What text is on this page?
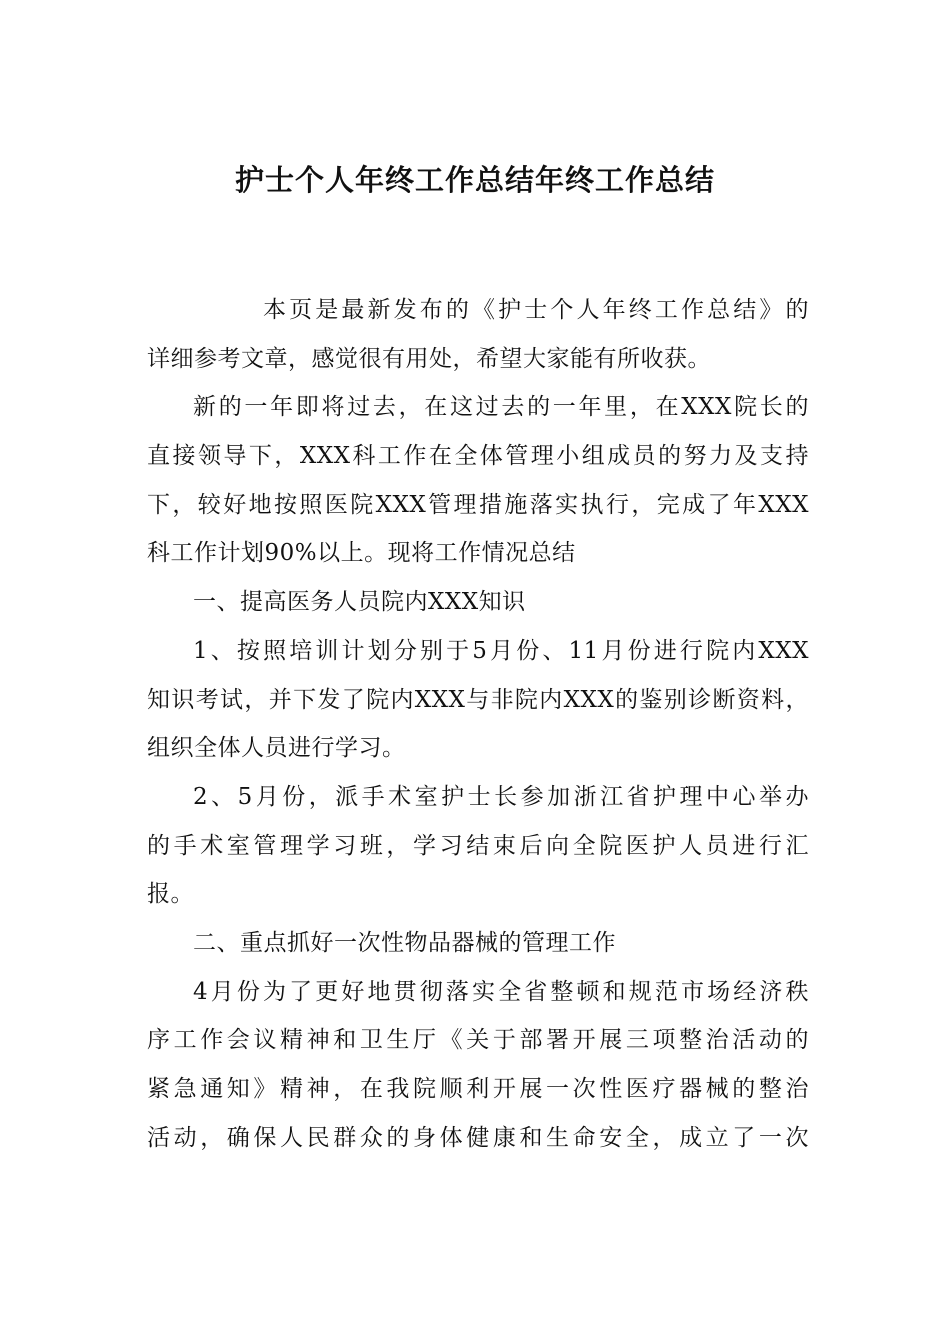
护士个人年终工作总结年终工作总结
本页是最新发布的《护士个人年终工作总结》的
详细参考文章，感觉很有用处，希望大家能有所收获。
新的一年即将过去，在这过去的一年里，在XXX院长的
直接领导下，XXX科工作在全体管理小组成员的努力及支持
下，较好地按照医院XXX管理措施落实执行，完成了年XXX
科工作计划90%以上。现将工作情况总结
一、提高医务人员院内XXX知识
1、按照培训计划分别于5月份、11月份进行院内XXX
知识考试，并下发了院内XXX与非院内XXX的鉴别诊断资料，
组织全体人员进行学习。
2、5月份，派手术室护士长参加浙江省护理中心举办
的手术室管理学习班，学习结束后向全院医护人员进行汇
报。
二、重点抓好一次性物品器械的管理工作
4月份为了更好地贯彻落实全省整顿和规范市场经济秩
序工作会议精神和卫生厅《关于部署开展三项整治活动的
紧急通知》精神，在我院顺利开展一次性医疗器械的整治
活动，确保人民群众的身体健康和生命安全，成立了一次
